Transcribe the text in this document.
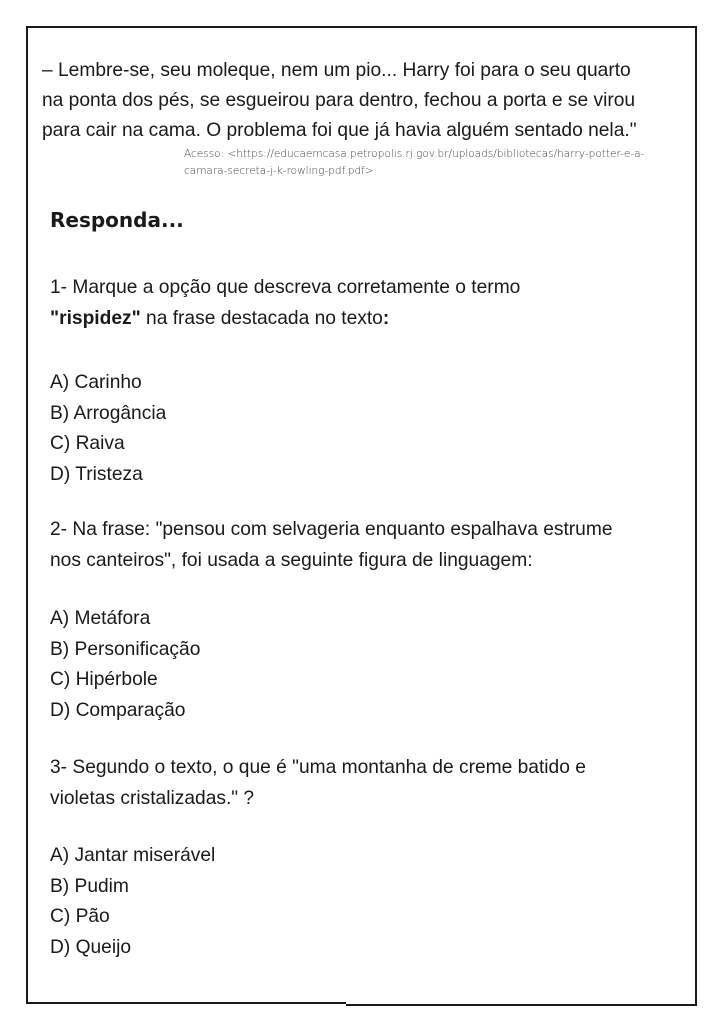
– Lembre-se, seu moleque, nem um pio... Harry foi para o seu quarto

na ponta dos pés, se esgueirou para dentro, fechou a porta e se virou

para cair na cama. O problema foi que já havia alguém sentado nela."

Acesso: <https://educaemcasa.petropolis.rj.gov.br/uploads/bibliotecas/harry-potter-e-a-
camara-secreta-j-k-rowling-pdf.pdf>
Responda...

1- Marque a opção que descreva corretamente o termo

"rispidez" na frase destacada no texto:

A) Carinho
B) Arrogância
C) Raiva
D) Tristeza

2- Na frase: "pensou com selvageria enquanto espalhava estrume

nos canteiros", foi usada a seguinte figura de linguagem:

A) Metáfora
B) Personificação
C) Hipérbole
D) Comparação

3- Segundo o texto, o que é "uma montanha de creme batido e

violetas cristalizadas." ?

A) Jantar miserável
B) Pudim
C) Pão
D) Queijo
